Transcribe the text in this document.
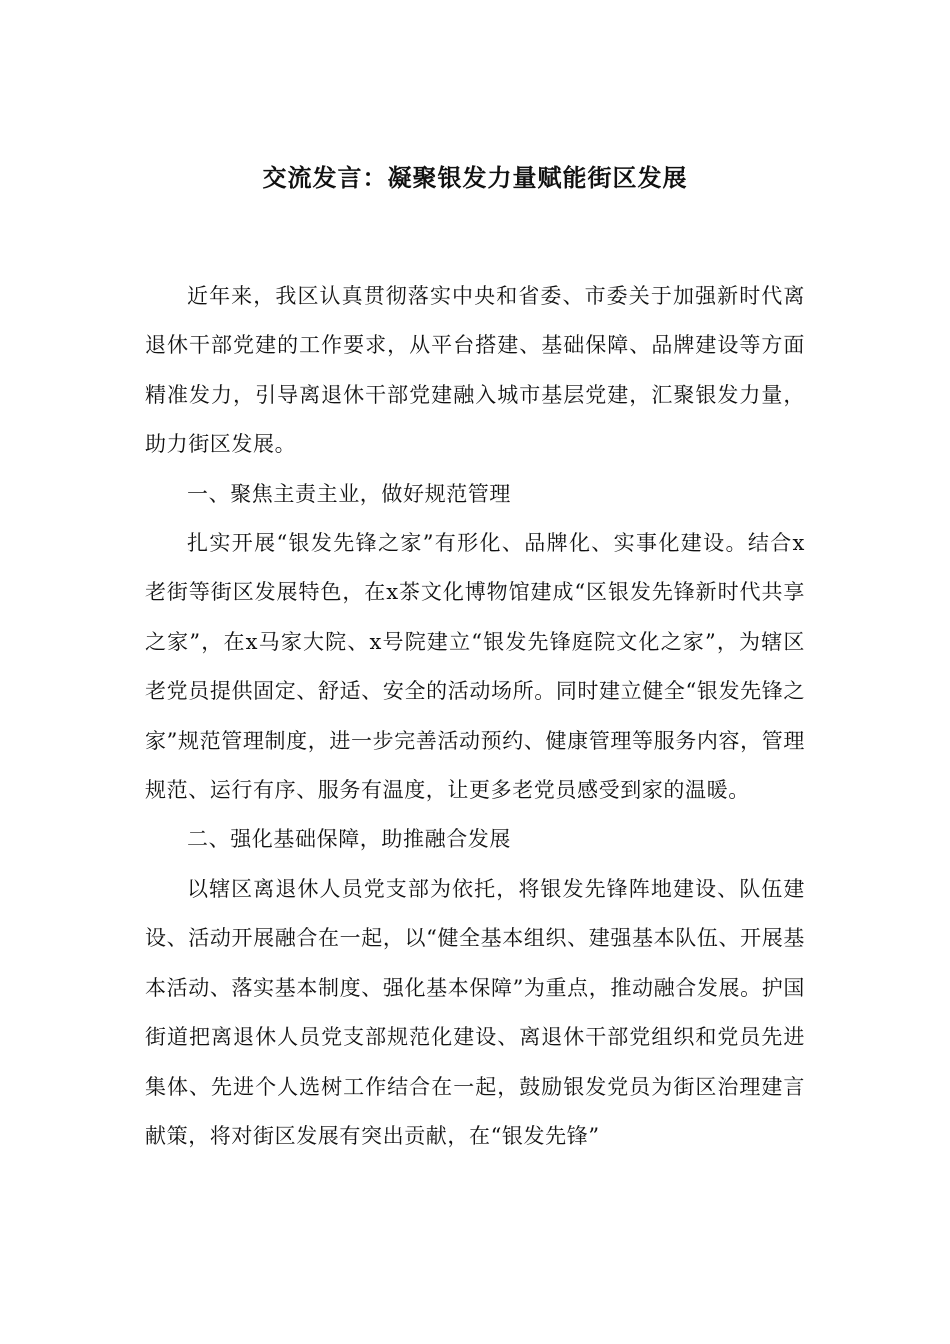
交流发言：凝聚银发力量赋能街区发展

近年来，我区认真贯彻落实中央和省委、市委关于加强新时代离退休干部党建的工作要求，从平台搭建、基础保障、品牌建设等方面精准发力，引导离退休干部党建融入城市基层党建，汇聚银发力量，助力街区发展。

一、聚焦主责主业，做好规范管理

扎实开展“银发先锋之家”有形化、品牌化、实事化建设。结合x老街等街区发展特色，在x茶文化博物馆建成“区银发先锋新时代共享之家”，在x马家大院、x号院建立“银发先锋庭院文化之家”，为辖区老党员提供固定、舒适、安全的活动场所。同时建立健全“银发先锋之家”规范管理制度，进一步完善活动预约、健康管理等服务内容，管理规范、运行有序、服务有温度，让更多老党员感受到家的温暖。

二、强化基础保障，助推融合发展

以辖区离退休人员党支部为依托，将银发先锋阵地建设、队伍建设、活动开展融合在一起，以“健全基本组织、建强基本队伍、开展基本活动、落实基本制度、强化基本保障”为重点，推动融合发展。护国街道把离退休人员党支部规范化建设、离退休干部党组织和党员先进集体、先进个人选树工作结合在一起，鼓励银发党员为街区治理建言献策，将对街区发展有突出贡献，在“银发先锋”
